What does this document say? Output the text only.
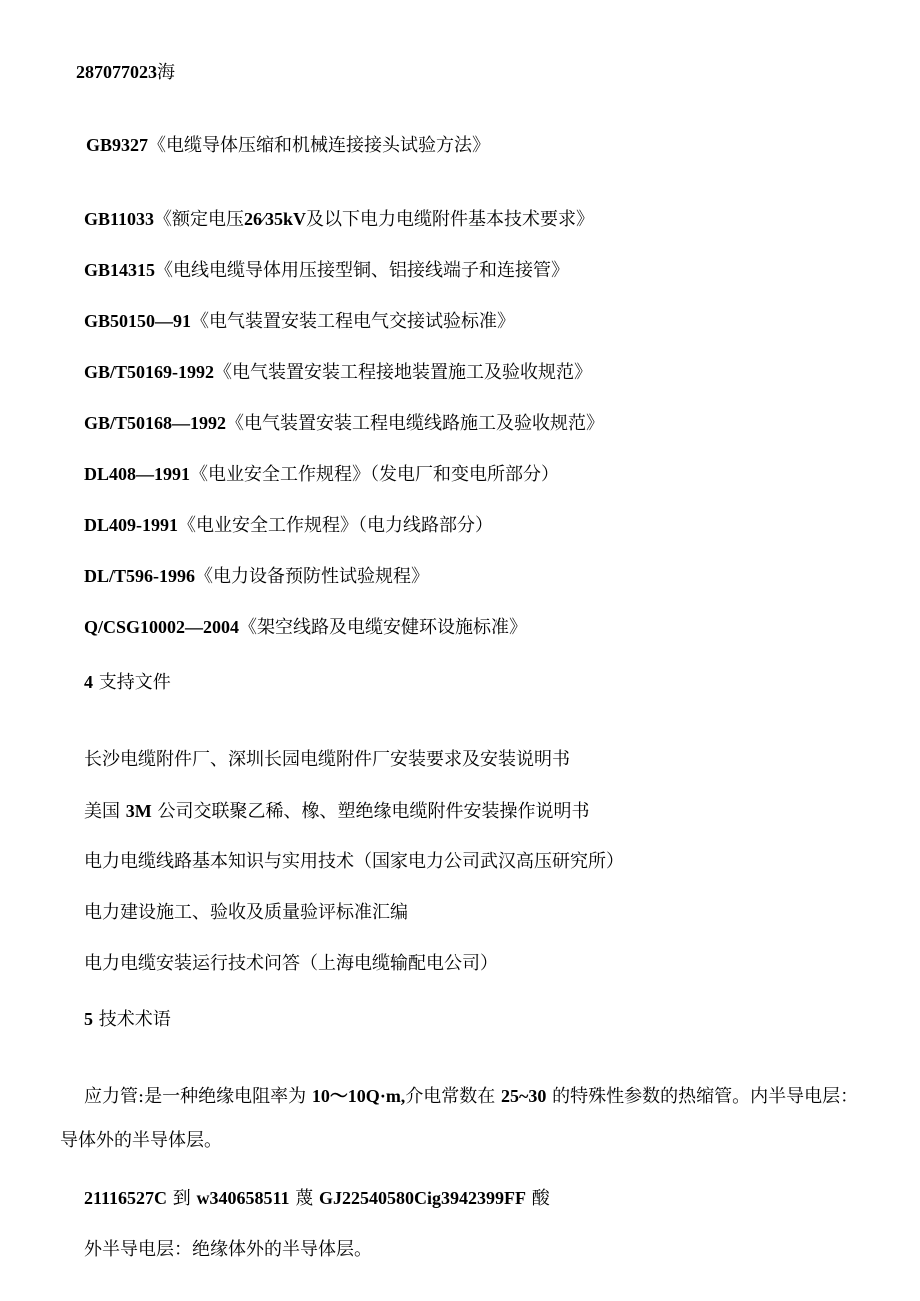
287077023海
GB9327《电缆导体压缩和机械连接接头试验方法》
GB11033《额定电压26⁄35kV及以下电力电缆附件基本技术要求》
GB14315《电线电缆导体用压接型铜、铝接线端子和连接管》
GB50150—91《电气装置安装工程电气交接试验标准》
GB/T50169-1992《电气装置安装工程接地装置施工及验收规范》
GB/T50168—1992《电气装置安装工程电缆线路施工及验收规范》
DL408—1991《电业安全工作规程》（发电厂和变电所部分）
DL409-1991《电业安全工作规程》（电力线路部分）
DL/T596-1996《电力设备预防性试验规程》
Q/CSG10002—2004《架空线路及电缆安健环设施标准》
4 支持文件
长沙电缆附件厂、深圳长园电缆附件厂安装要求及安装说明书
美国 3M 公司交联聚乙稀、橡、塑绝缘电缆附件安装操作说明书
电力电缆线路基本知识与实用技术（国家电力公司武汉高压研究所）
电力建设施工、验收及质量验评标准汇编
电力电缆安装运行技术问答（上海电缆输配电公司）
5 技术术语
应力管:是一种绝缘电阻率为 10～10Q·m,介电常数在 25~30 的特殊性参数的热缩管。内半导电层：导体外的半导体层。
21116527C 到 w340658511 蔑 GJ22540580Cig3942399FF 酸
外半导电层：绝缘体外的半导体层。
